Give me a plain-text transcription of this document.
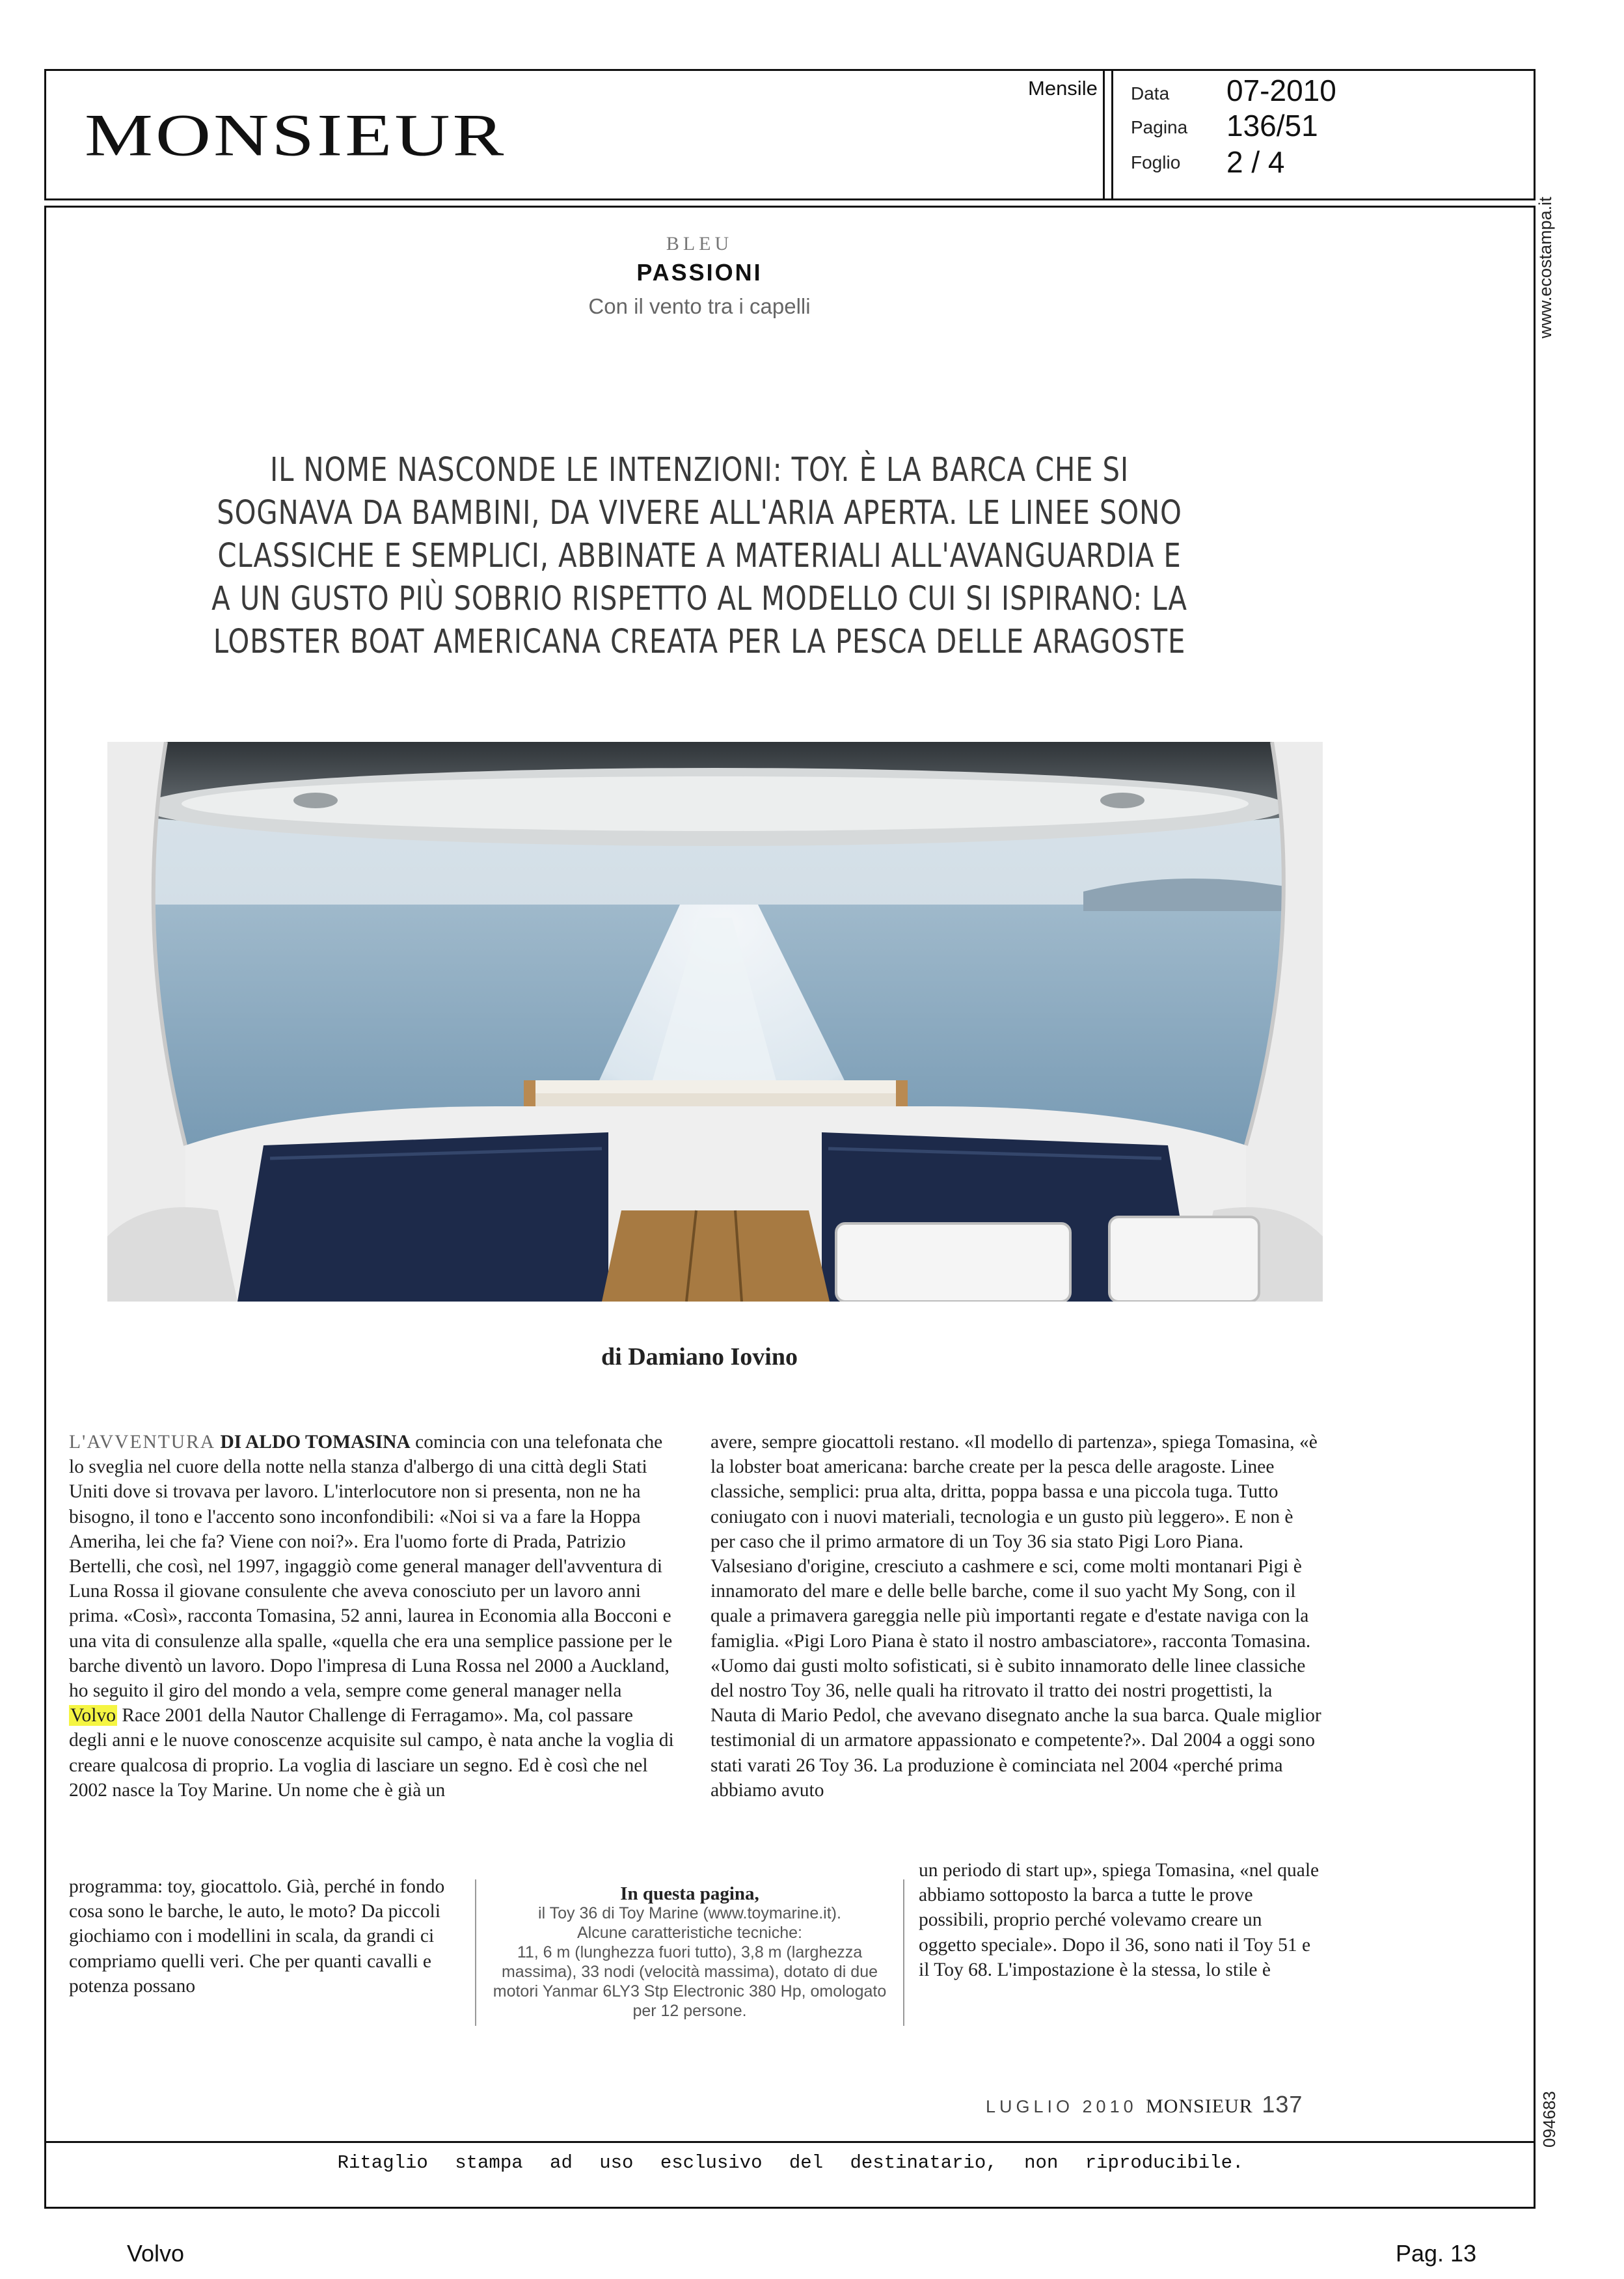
MONSIEUR
Mensile Data 07-2010
Pagina 136/51
Foglio 2 / 4
www.ecostampa.it
094683
BLEU
PASSIONI
Con il vento tra i capelli
IL NOME NASCONDE LE INTENZIONI: TOY. È LA BARCA CHE SI SOGNAVA DA BAMBINI, DA VIVERE ALL'ARIA APERTA. LE LINEE SONO CLASSICHE E SEMPLICI, ABBINATE A MATERIALI ALL'AVANGUARDIA E A UN GUSTO PIÙ SOBRIO RISPETTO AL MODELLO CUI SI ISPIRANO: LA LOBSTER BOAT AMERICANA CREATA PER LA PESCA DELLE ARAGOSTE
di Damiano Iovino

L'AVVENTURA DI ALDO TOMASINA comincia con una telefonata che lo sveglia nel cuore della notte nella stanza d'albergo di una città degli Stati Uniti dove si trovava per lavoro. L'interlocutore non si presenta, non ne ha bisogno, il tono e l'accento sono inconfondibili: «Noi si va a fare la Hoppa Ameriha, lei che fa? Viene con noi?». Era l'uomo forte di Prada, Patrizio Bertelli, che così, nel 1997, ingaggiò come general manager dell'avventura di Luna Rossa il giovane consulente che aveva conosciuto per un lavoro anni prima. «Così», racconta Tomasina, 52 anni, laurea in Economia alla Bocconi e una vita di consulenze alla spalle, «quella che era una semplice passione per le barche diventò un lavoro. Dopo l'impresa di Luna Rossa nel 2000 a Auckland, ho seguito il giro del mondo a vela, sempre come general manager nella Volvo Race 2001 della Nautor Challenge di Ferragamo». Ma, col passare degli anni e le nuove conoscenze acquisite sul campo, è nata anche la voglia di creare qualcosa di proprio. La voglia di lasciare un segno. Ed è così che nel 2002 nasce la Toy Marine. Un nome che è già un

programma: toy, giocattolo. Già, perché in fondo cosa sono le barche, le auto, le moto? Da piccoli giochiamo con i modellini in scala, da grandi ci compriamo quelli veri. Che per quanti cavalli e potenza possano

avere, sempre giocattoli restano. «Il modello di partenza», spiega Tomasina, «è la lobster boat americana: barche create per la pesca delle aragoste. Linee classiche, semplici: prua alta, dritta, poppa bassa e una piccola tuga. Tutto coniugato con i nuovi materiali, tecnologia e un gusto più leggero». E non è per caso che il primo armatore di un Toy 36 sia stato Pigi Loro Piana. Valsesiano d'origine, cresciuto a cashmere e sci, come molti montanari Pigi è innamorato del mare e delle belle barche, come il suo yacht My Song, con il quale a primavera gareggia nelle più importanti regate e d'estate naviga con la famiglia. «Pigi Loro Piana è stato il nostro ambasciatore», racconta Tomasina. «Uomo dai gusti molto sofisticati, si è subito innamorato delle linee classiche del nostro Toy 36, nelle quali ha ritrovato il tratto dei nostri progettisti, la Nauta di Mario Pedol, che avevano disegnato anche la sua barca. Quale miglior testimonial di un armatore appassionato e competente?». Dal 2004 a oggi sono stati varati 26 Toy 36. La produzione è cominciata nel 2004 «perché prima abbiamo avuto

un periodo di start up», spiega Tomasina, «nel quale abbiamo sottoposto la barca a tutte le prove possibili, proprio perché volevamo creare un oggetto speciale». Dopo il 36, sono nati il Toy 51 e il Toy 68. L'impostazione è la stessa, lo stile è

In questa pagina,
il Toy 36 di Toy Marine (www.toymarine.it).
Alcune caratteristiche tecniche:
11, 6 m (lunghezza fuori tutto), 3,8 m (larghezza massima), 33 nodi (velocità massima), dotato di due motori Yanmar 6LY3 Stp Electronic 380 Hp, omologato per 12 persone.
LUGLIO 2010 MONSIEUR 137
Ritaglio stampa ad uso esclusivo del destinatario, non riproducibile.
Volvo	Pag. 13
